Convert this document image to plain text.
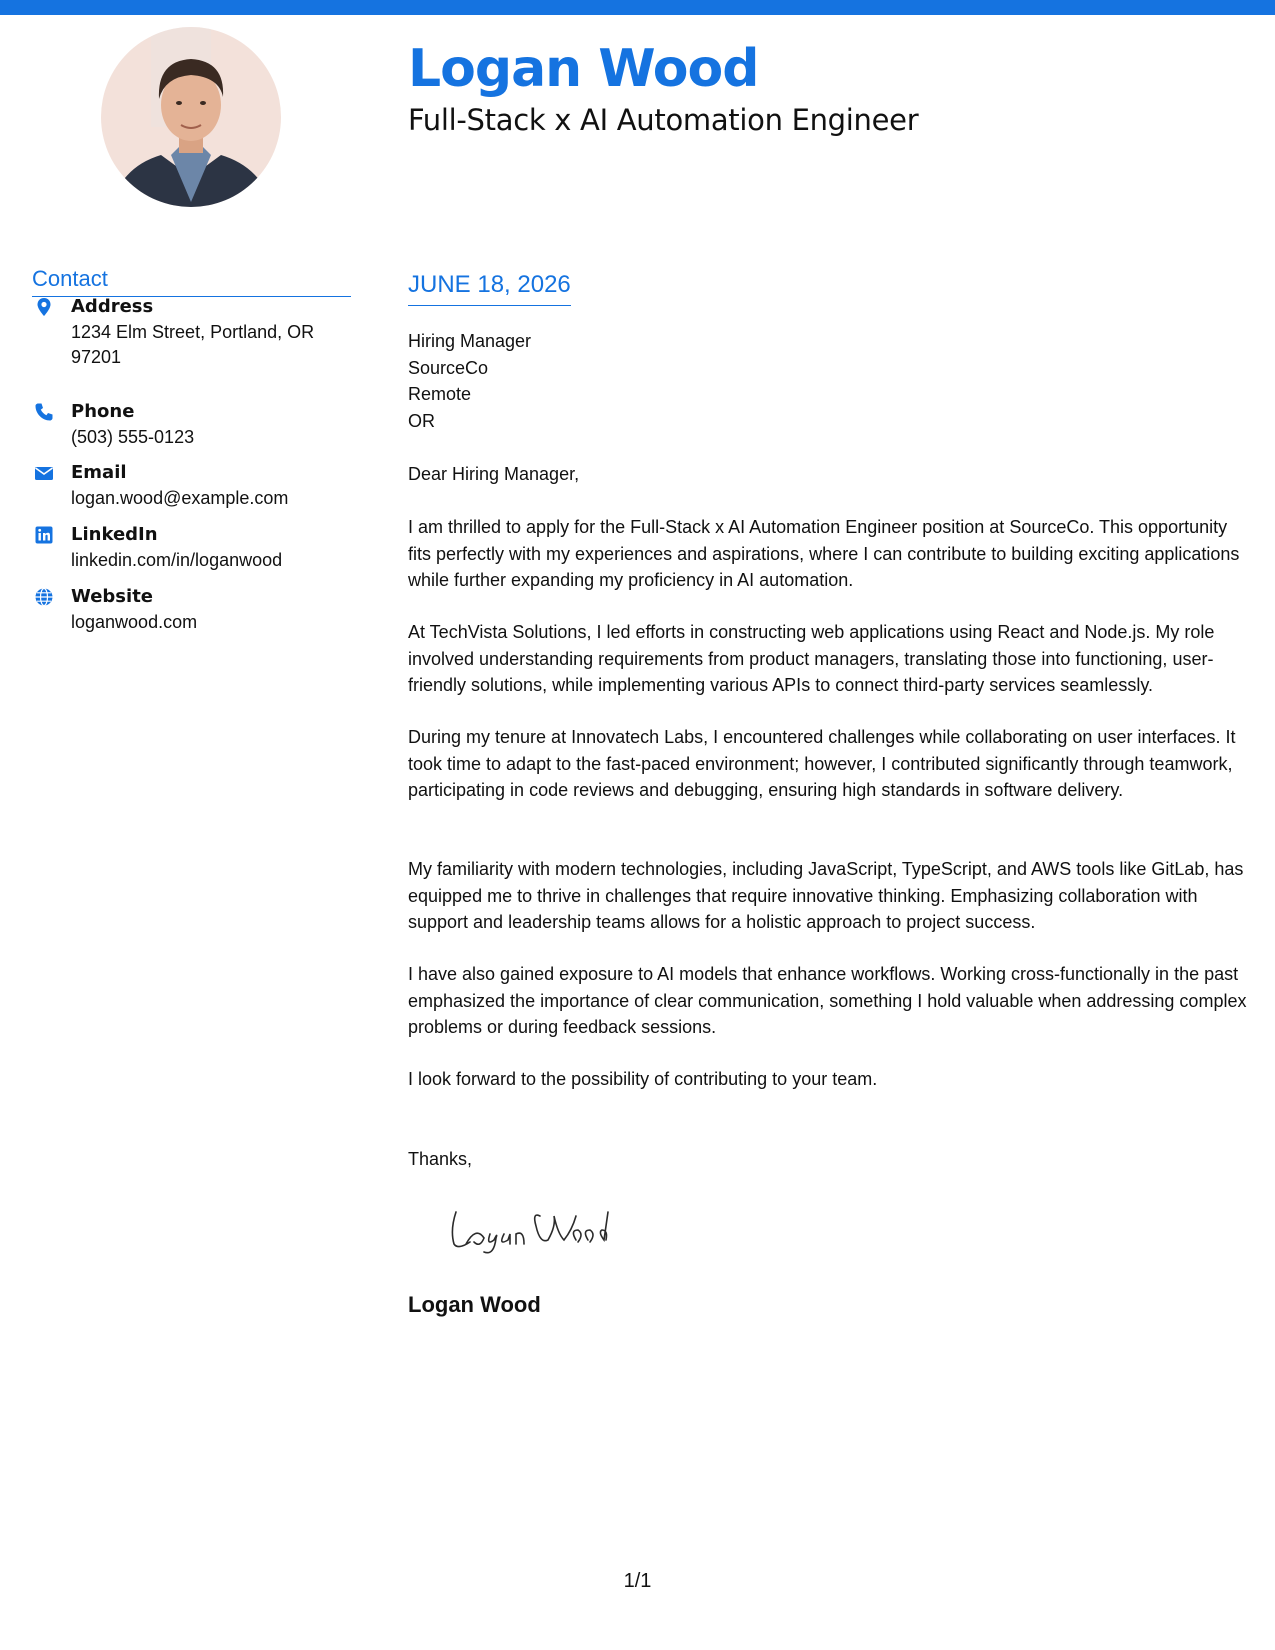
Logan Wood
Full-Stack x AI Automation Engineer
Contact
Address
1234 Elm Street, Portland, OR 97201
Phone
(503) 555-0123
Email
logan.wood@example.com
LinkedIn
linkedin.com/in/loganwood
Website
loganwood.com
JUNE 18, 2026
Hiring Manager
SourceCo
Remote
OR

Dear Hiring Manager,

I am thrilled to apply for the Full-Stack x AI Automation Engineer position at SourceCo. This opportunity fits perfectly with my experiences and aspirations, where I can contribute to building exciting applications while further expanding my proficiency in AI automation.

At TechVista Solutions, I led efforts in constructing web applications using React and Node.js. My role involved understanding requirements from product managers, translating those into functioning, user-friendly solutions, while implementing various APIs to connect third-party services seamlessly.

During my tenure at Innovatech Labs, I encountered challenges while collaborating on user interfaces. It took time to adapt to the fast-paced environment; however, I contributed significantly through teamwork, participating in code reviews and debugging, ensuring high standards in software delivery.

My familiarity with modern technologies, including JavaScript, TypeScript, and AWS tools like GitLab, has equipped me to thrive in challenges that require innovative thinking. Emphasizing collaboration with support and leadership teams allows for a holistic approach to project success.

I have also gained exposure to AI models that enhance workflows. Working cross-functionally in the past emphasized the importance of clear communication, something I hold valuable when addressing complex problems or during feedback sessions.

I look forward to the possibility of contributing to your team.

Thanks,

Logan Wood
1/1
